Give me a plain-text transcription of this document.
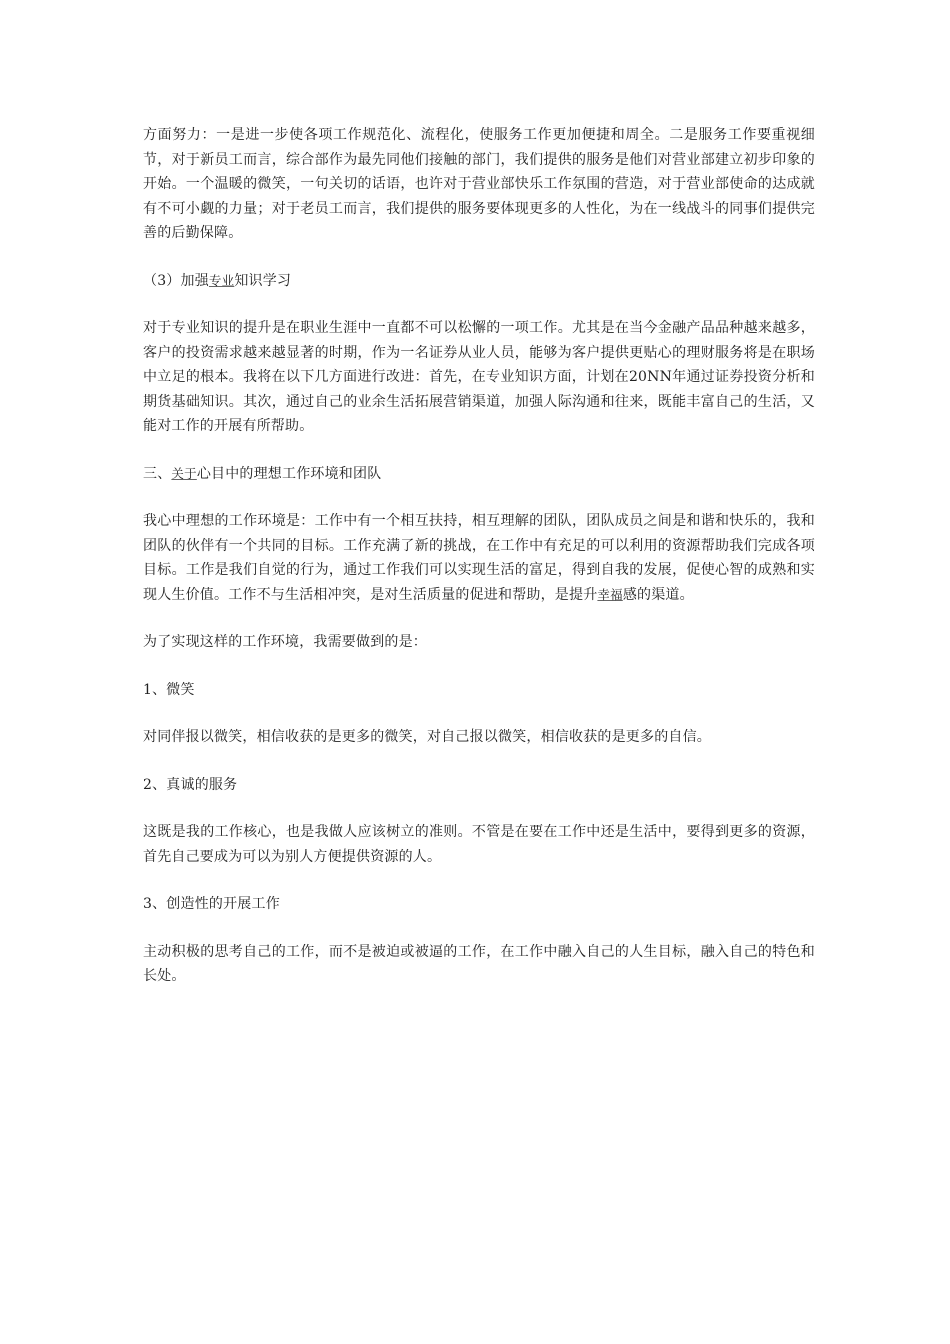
方面努力：一是进一步使各项工作规范化、流程化，使服务工作更加便捷和周全。二是服务工作要重视细节，对于新员工而言，综合部作为最先同他们接触的部门，我们提供的服务是他们对营业部建立初步印象的开始。一个温暖的微笑，一句关切的话语，也许对于营业部快乐工作氛围的营造，对于营业部使命的达成就有不可小觑的力量；对于老员工而言，我们提供的服务要体现更多的人性化，为在一线战斗的同事们提供完善的后勤保障。

（3）加强专业知识学习

对于专业知识的提升是在职业生涯中一直都不可以松懈的一项工作。尤其是在当今金融产品品种越来越多，客户的投资需求越来越显著的时期，作为一名证券从业人员，能够为客户提供更贴心的理财服务将是在职场中立足的根本。我将在以下几方面进行改进：首先，在专业知识方面，计划在20NN年通过证券投资分析和期货基础知识。其次，通过自己的业余生活拓展营销渠道，加强人际沟通和往来，既能丰富自己的生活，又能对工作的开展有所帮助。

三、关于心目中的理想工作环境和团队

我心中理想的工作环境是：工作中有一个相互扶持，相互理解的团队，团队成员之间是和谐和快乐的，我和团队的伙伴有一个共同的目标。工作充满了新的挑战，在工作中有充足的可以利用的资源帮助我们完成各项目标。工作是我们自觉的行为，通过工作我们可以实现生活的富足，得到自我的发展，促使心智的成熟和实现人生价值。工作不与生活相冲突，是对生活质量的促进和帮助，是提升幸福感的渠道。

为了实现这样的工作环境，我需要做到的是：

1、微笑

对同伴报以微笑，相信收获的是更多的微笑，对自己报以微笑，相信收获的是更多的自信。

2、真诚的服务

这既是我的工作核心，也是我做人应该树立的准则。不管是在要在工作中还是生活中，要得到更多的资源，首先自己要成为可以为别人方便提供资源的人。

3、创造性的开展工作

主动积极的思考自己的工作，而不是被迫或被逼的工作，在工作中融入自己的人生目标，融入自己的特色和长处。
